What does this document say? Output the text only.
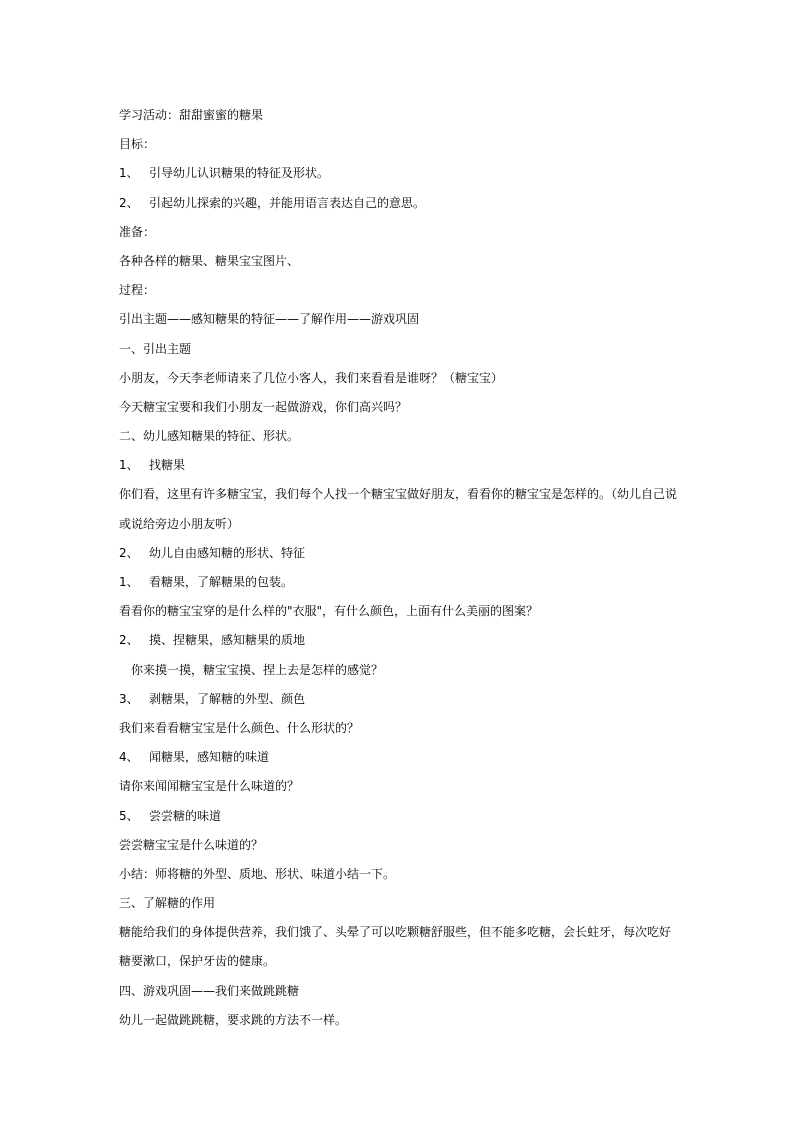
学习活动：甜甜蜜蜜的糖果
目标：
1、 引导幼儿认识糖果的特征及形状。
2、 引起幼儿探索的兴趣，并能用语言表达自己的意思。
准备：
各种各样的糖果、糖果宝宝图片、
过程：
引出主题——感知糖果的特征——了解作用——游戏巩固
一、引出主题
小朋友，今天李老师请来了几位小客人，我们来看看是谁呀？（糖宝宝）
今天糖宝宝要和我们小朋友一起做游戏，你们高兴吗？
二、幼儿感知糖果的特征、形状。
1、 找糖果
你们看，这里有许多糖宝宝，我们每个人找一个糖宝宝做好朋友，看看你的糖宝宝是怎样的。（幼儿自己说或说给旁边小朋友听）
2、 幼儿自由感知糖的形状、特征
1、 看糖果，了解糖果的包装。
看看你的糖宝宝穿的是什么样的"衣服"，有什么颜色，上面有什么美丽的图案？
2、 摸、捏糖果，感知糖果的质地
你来摸一摸，糖宝宝摸、捏上去是怎样的感觉？
3、 剥糖果，了解糖的外型、颜色
我们来看看糖宝宝是什么颜色、什么形状的？
4、 闻糖果，感知糖的味道
请你来闻闻糖宝宝是什么味道的？
5、 尝尝糖的味道
尝尝糖宝宝是什么味道的？
小结：师将糖的外型、质地、形状、味道小结一下。
三、了解糖的作用
糖能给我们的身体提供营养，我们饿了、头晕了可以吃颗糖舒服些，但不能多吃糖，会长蛀牙，每次吃好糖要漱口，保护牙齿的健康。
四、游戏巩固——我们来做跳跳糖
幼儿一起做跳跳糖，要求跳的方法不一样。
